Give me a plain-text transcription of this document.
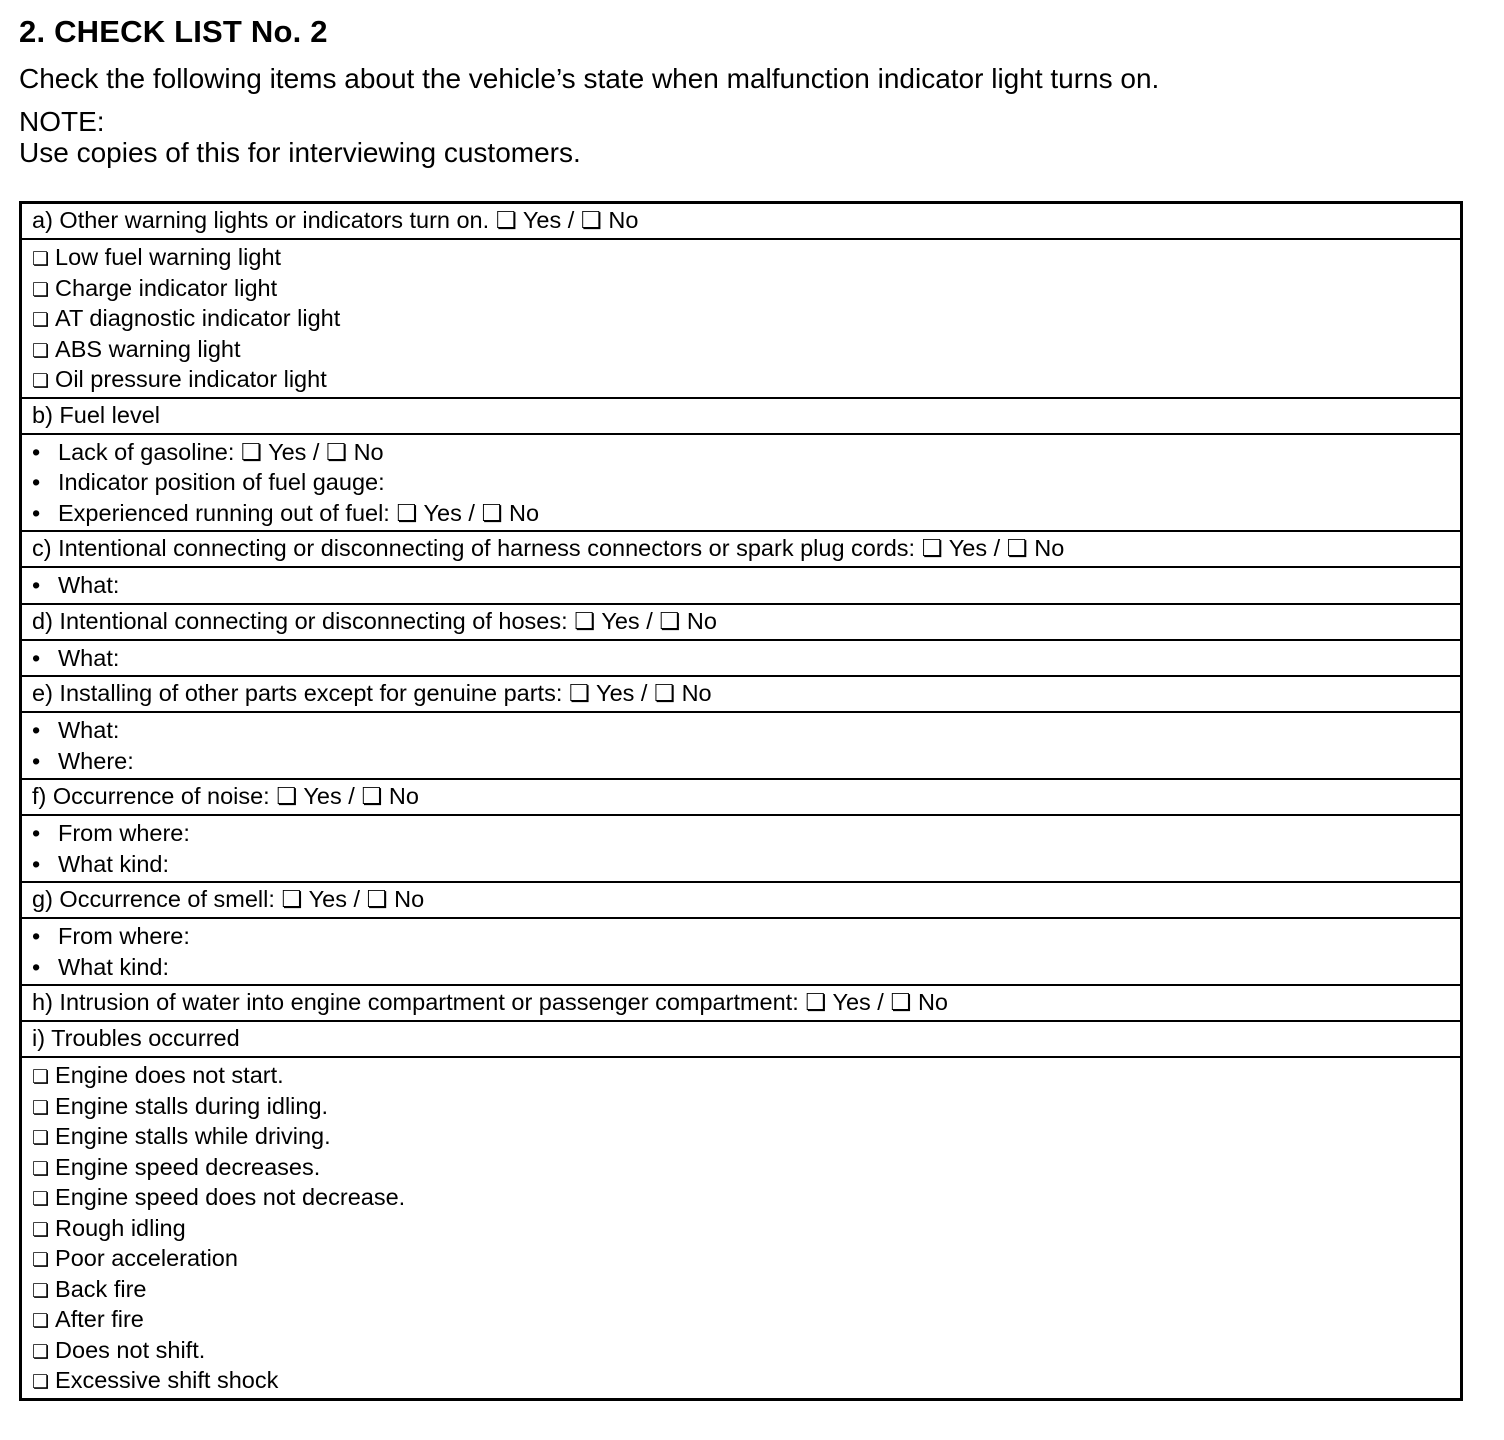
2. CHECK LIST No. 2

Check the following items about the vehicle’s state when malfunction indicator light turns on.

NOTE:

Use copies of this for interviewing customers.

a) Other warning lights or indicators turn on. ❏ Yes / ❏ No
❏ Low fuel warning light
❏ Charge indicator light
❏ AT diagnostic indicator light
❏ ABS warning light
❏ Oil pressure indicator light
b) Fuel level
•Lack of gasoline: ❏ Yes / ❏ No
•Indicator position of fuel gauge:
•Experienced running out of fuel: ❏ Yes / ❏ No
c) Intentional connecting or disconnecting of harness connectors or spark plug cords: ❏ Yes / ❏ No
•What:
d) Intentional connecting or disconnecting of hoses: ❏ Yes / ❏ No
•What:
e) Installing of other parts except for genuine parts: ❏ Yes / ❏ No
•What:
•Where:
f) Occurrence of noise: ❏ Yes / ❏ No
•From where:
•What kind:
g) Occurrence of smell: ❏ Yes / ❏ No
•From where:
•What kind:
h) Intrusion of water into engine compartment or passenger compartment: ❏ Yes / ❏ No
i) Troubles occurred
❏ Engine does not start.
❏ Engine stalls during idling.
❏ Engine stalls while driving.
❏ Engine speed decreases.
❏ Engine speed does not decrease.
❏ Rough idling
❏ Poor acceleration
❏ Back fire
❏ After fire
❏ Does not shift.
❏ Excessive shift shock
